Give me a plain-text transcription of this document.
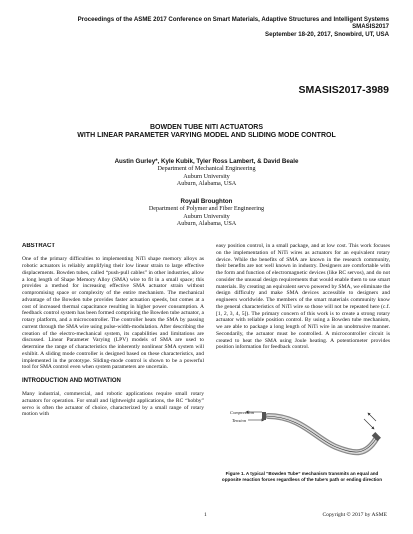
Proceedings of the ASME 2017 Conference on Smart Materials, Adaptive Structures and Intelligent Systems
SMASIS2017
September 18-20, 2017, Snowbird, UT, USA
SMASIS2017-3989
BOWDEN TUBE NITI ACTUATORS
WITH LINEAR PARAMETER VARYING MODEL AND SLIDING MODE CONTROL
Austin Gurley*, Kyle Kubik, Tyler Ross Lambert, & David Beale
Department of Mechanical Engineering
Auburn University
Auburn, Alabama, USA
Royall Broughton
Department of Polymer and Fiber Engineering
Auburn University
Auburn, Alabama, USA
ABSTRACT

One of the primary difficulties to implementing NiTi shape memory alloys as robotic actuators is reliably amplifying their low linear strain to large effective displacements. Bowden tubes, called “push-pull cables” in other industries, allow a long length of Shape Memory Alloy (SMA) wire to fit in a small space; this provides a method for increasing effective SMA actuator strain without compromising space or complexity of the entire mechanism. The mechanical advantage of the Bowden tube provides faster actuation speeds, but comes at a cost of increased thermal capacitance resulting in higher power consumption. A feedback control system has been formed comprising the Bowden tube actuator, a rotary platform, and a microcontroller. The controller heats the SMA by passing current through the SMA wire using pulse-width-modulation. After describing the creation of the electro-mechanical system, its capabilities and limitations are discussed. Linear Parameter Varying (LPV) models of SMA are used to determine the range of characteristics the inherently nonlinear SMA system will exhibit. A sliding mode controller is designed based on these characteristics, and implemented in the prototype. Sliding-mode control is shown to be a powerful tool for SMA control even when system parameters are uncertain.

INTRODUCTION AND MOTIVATION

Many industrial, commercial, and robotic applications require small rotary actuators for operation. For small and lightweight applications, the RC “hobby” servo is often the actuator of choice, characterized by a small range of rotary motion with

easy position control, in a small package, and at low cost. This work focuses on the implementation of NiTi wires as actuators for an equivalent rotary device. While the benefits of SMA are known in the research community, their benefits are not well known in industry. Designers are comfortable with the form and function of electromagnetic devices (like RC servos), and do not consider the unusual design requirements that would enable them to use smart materials. By creating an equivalent servo powered by SMA, we eliminate the design difficulty and make SMA devices accessible to designers and engineers worldwide. The members of the smart materials community know the general characteristics of NiTi wire so those will not be repeated here (c.f. [1, 2, 3, 4, 5]). The primary concern of this work is to create a strong rotary actuator with reliable position control. By using a Bowden tube mechanism, we are able to package a long length of NiTi wire in an unobtrusive manner. Secondarily, the actuator must be controlled. A microcontroller circuit is created to heat the SMA using Joule heating. A potentiometer provides position information for feedback control.

Compression
Tension
Figure 1. A typical “Bowden Tube” mechanism transmits an equal and opposite reaction forces regardless of the tube’s path or ending direction
1	Copyright © 2017 by ASME
